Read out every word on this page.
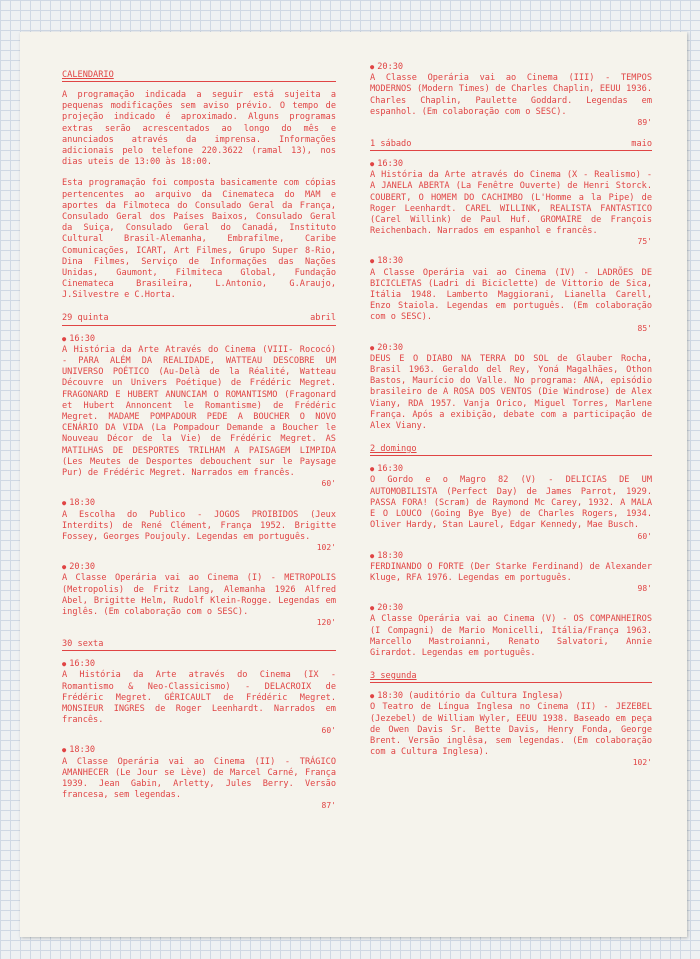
CALENDARIO

A programação indicada a seguir está sujeita a pequenas modificações sem aviso prévio. O tempo de projeção indicado é aproximado. Alguns programas extras serão acrescentados ao longo do mês e anunciados através da imprensa. Informações adicionais pelo telefone 220.3622 (ramal 13), nos dias uteis de 13:00 às 18:00.

Esta programação foi composta basicamente com cópias pertencentes ao arquivo da Cinemateca do MAM e aportes da Filmoteca do Consulado Geral da França, Consulado Geral dos Países Baixos, Consulado Geral da Suiça, Consulado Geral do Canadá, Instituto Cultural Brasil-Alemanha, Embrafilme, Caribe Comunicações, ICART, Art Filmes, Grupo Super 8-Rio, Dina Filmes, Serviço de Informações das Nações Unidas, Gaumont, Filmiteca Global, Fundação Cinemateca Brasileira, L.Antonio, G.Araujo, J.Silvestre e C.Horta.

29 quinta	abril
● 16:30
A História da Arte Através do Cinema (VIII- Rococó) - PARA ALÉM DA REALIDADE, WATTEAU DESCOBRE UM UNIVERSO POÉTICO (Au-Delà de la Réalité, Watteau Découvre un Univers Poétique) de Frédéric Megret. FRAGONARD E HUBERT ANUNCIAM O ROMANTISMO (Fragonard et Hubert Annoncent le Romantisme) de Frédéric Megret. MADAME POMPADOUR PEDE A BOUCHER O NOVO CENÁRIO DA VIDA (La Pompadour Demande a Boucher le Nouveau Décor de la Vie) de Frédéric Megret. AS MATILHAS DE DESPORTES TRILHAM A PAISAGEM LIMPIDA (Les Meutes de Desportes debouchent sur le Paysage Pur) de Frédéric Megret. Narrados em francês.
60'
● 18:30
A Escolha do Publico - JOGOS PROIBIDOS (Jeux Interdits) de René Clément, França 1952. Brigitte Fossey, Georges Poujouly. Legendas em português.
102'
● 20:30
A Classe Operária vai ao Cinema (I) - METROPOLIS (Metropolis) de Fritz Lang, Alemanha 1926 Alfred Abel, Brigitte Helm, Rudolf Klein-Rogge. Legendas em inglês. (Em colaboração com o SESC).
120'
30 sexta
● 16:30
A História da Arte através do Cinema (IX - Romantismo & Neo-Classicismo) - DELACROIX de Frédéric Megret. GÉRICAULT de Frédéric Megret. MONSIEUR INGRES de Roger Leenhardt. Narrados em francês.
60'
● 18:30
A Classe Operária vai ao Cinema (II) - TRÁGICO AMANHECER (Le Jour se Lève) de Marcel Carné, França 1939. Jean Gabin, Arletty, Jules Berry. Versão francesa, sem legendas.
87'
● 20:30
A Classe Operária vai ao Cinema (III) - TEMPOS MODERNOS (Modern Times) de Charles Chaplin, EEUU 1936. Charles Chaplin, Paulette Goddard. Legendas em espanhol. (Em colaboração com o SESC).
89'
1 sábado	maio
● 16:30
A História da Arte através do Cinema (X - Realismo) - A JANELA ABERTA (La Fenêtre Ouverte) de Henri Storck. COUBERT, O HOMEM DO CACHIMBO (L'Homme a la Pipe) de Roger Leenhardt. CAREL WILLINK, REALISTA FANTASTICO (Carel Willink) de Paul Huf. GROMAIRE de François Reichenbach. Narrados em espanhol e francês.
75'
● 18:30
A Classe Operária vai ao Cinema (IV) - LADRÕES DE BICICLETAS (Ladri di Biciclette) de Vittorio de Sica, Itália 1948. Lamberto Maggiorani, Lianella Carell, Enzo Staiola. Legendas em português. (Em colaboração com o SESC).
85'
● 20:30
DEUS E O DIABO NA TERRA DO SOL de Glauber Rocha, Brasil 1963. Geraldo del Rey, Yoná Magalhães, Othon Bastos, Maurício do Valle. No programa: ANA, episódio brasileiro de A ROSA DOS VENTOS (Die Windrose) de Alex Viany, RDA 1957. Vanja Orico, Miguel Torres, Marlene França. Após a exibição, debate com a participação de Alex Viany.
2 domingo
● 16:30
O Gordo e o Magro 82 (V) - DELICIAS DE UM AUTOMOBILISTA (Perfect Day) de James Parrot, 1929. PASSA FORA! (Scram) de Raymond Mc Carey, 1932. A MALA E O LOUCO (Going Bye Bye) de Charles Rogers, 1934. Oliver Hardy, Stan Laurel, Edgar Kennedy, Mae Busch.
60'
● 18:30
FERDINANDO O FORTE (Der Starke Ferdinand) de Alexander Kluge, RFA 1976. Legendas em português.
98'
● 20:30
A Classe Operária vai ao Cinema (V) - OS COMPANHEIROS (I Compagni) de Mario Monicelli, Itália/França 1963. Marcello Mastroianni, Renato Salvatori, Annie Girardot. Legendas em português.
3 segunda
● 18:30 (auditório da Cultura Inglesa)
O Teatro de Língua Inglesa no Cinema (II) - JEZEBEL (Jezebel) de William Wyler, EEUU 1938. Baseado em peça de Owen Davis Sr. Bette Davis, Henry Fonda, George Brent. Versão inglêsa, sem legendas. (Em colaboração com a Cultura Inglesa).
102'
